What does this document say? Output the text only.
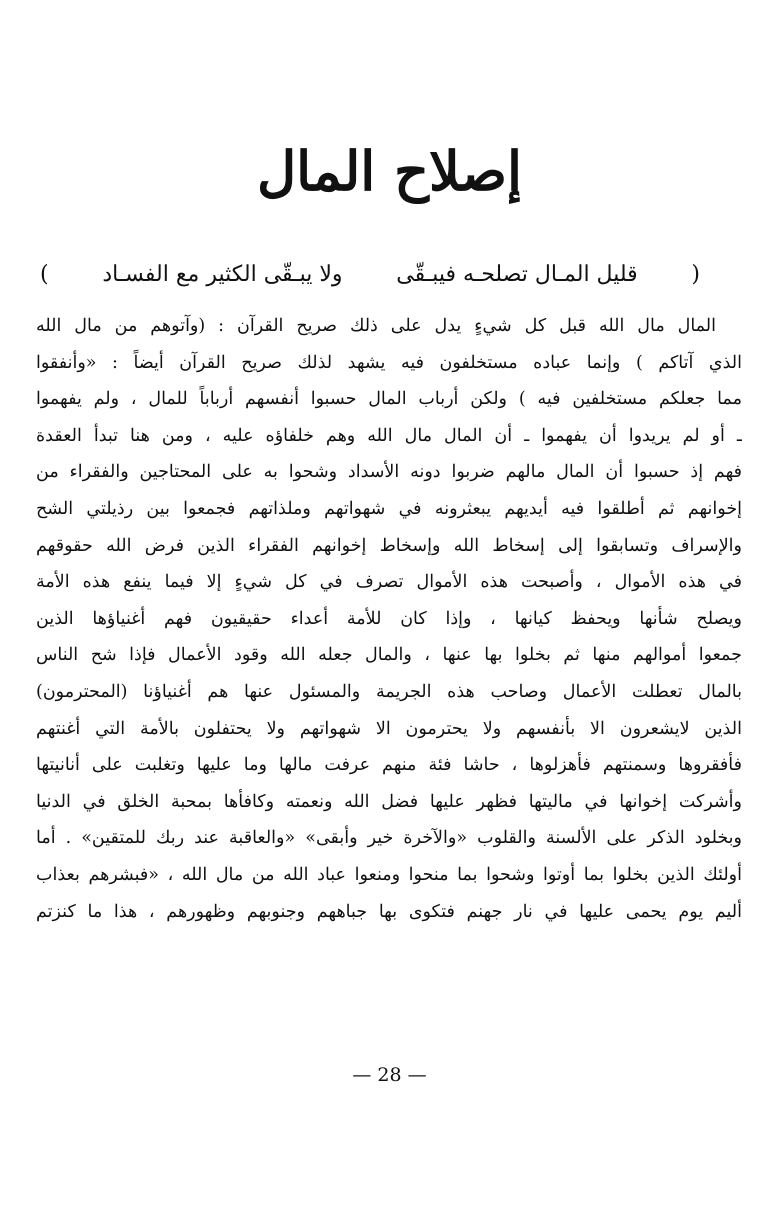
إصلاح المال
(
قليل المـال تصلحـه فيبـقّى
ولا يبـقّى الكثير مع الفسـاد
)
المال مال الله قبل كل شيءٍ يدل على ذلك صريح القرآن : (وآتوهم من مال الله
الذي آتاكم ) وإنما عباده مستخلفون فيه يشهد لذلك صريح القرآن أيضاً : «وأنفقوا
مما جعلكم مستخلفين فيه ) ولكن أرباب المال حسبوا أنفسهم أرباباً للمال ، ولم يفهموا
ـ أو لم يريدوا أن يفهموا ـ أن المال مال الله وهم خلفاؤه عليه ، ومن هنا تبدأ العقدة
فهم إذ حسبوا أن المال مالهم ضربوا دونه الأسداد وشحوا به على المحتاجين والفقراء من
إخوانهم ثم أطلقوا فيه أيديهم يبعثرونه في شهواتهم وملذاتهم فجمعوا بين رذيلتي الشح
والإسراف وتسابقوا إلى إسخاط الله وإسخاط إخوانهم الفقراء الذين فرض الله حقوقهم
في هذه الأموال ، وأصبحت هذه الأموال تصرف في كل شيءٍ إلا فيما ينفع هذه الأمة
ويصلح شأنها ويحفظ كيانها ، وإذا كان للأمة أعداء حقيقيون فهم أغنياؤها الذين
جمعوا أموالهم منها ثم بخلوا بها عنها ، والمال جعله الله وقود الأعمال فإذا شح الناس
بالمال تعطلت الأعمال وصاحب هذه الجريمة والمسئول عنها هم أغنياؤنا (المحترمون)
الذين لايشعرون الا بأنفسهم ولا يحترمون الا شهواتهم ولا يحتفلون بالأمة التي أغنتهم
فأفقروها وسمنتهم فأهزلوها ، حاشا فئة منهم عرفت مالها وما عليها وتغلبت على أنانيتها
وأشركت إخوانها في ماليتها فظهر عليها فضل الله ونعمته وكافأها بمحبة الخلق في الدنيا
وبخلود الذكر على الألسنة والقلوب «والآخرة خير وأبقى» «والعاقبة عند ربك للمتقين» . أما
أولئك الذين بخلوا بما أوتوا وشحوا بما منحوا ومنعوا عباد الله من مال الله ، «فبشرهم بعذاب
أليم يوم يحمى عليها في نار جهنم فتكوى بها جباههم وجنوبهم وظهورهم ، هذا ما كنزتم
— 28 —
